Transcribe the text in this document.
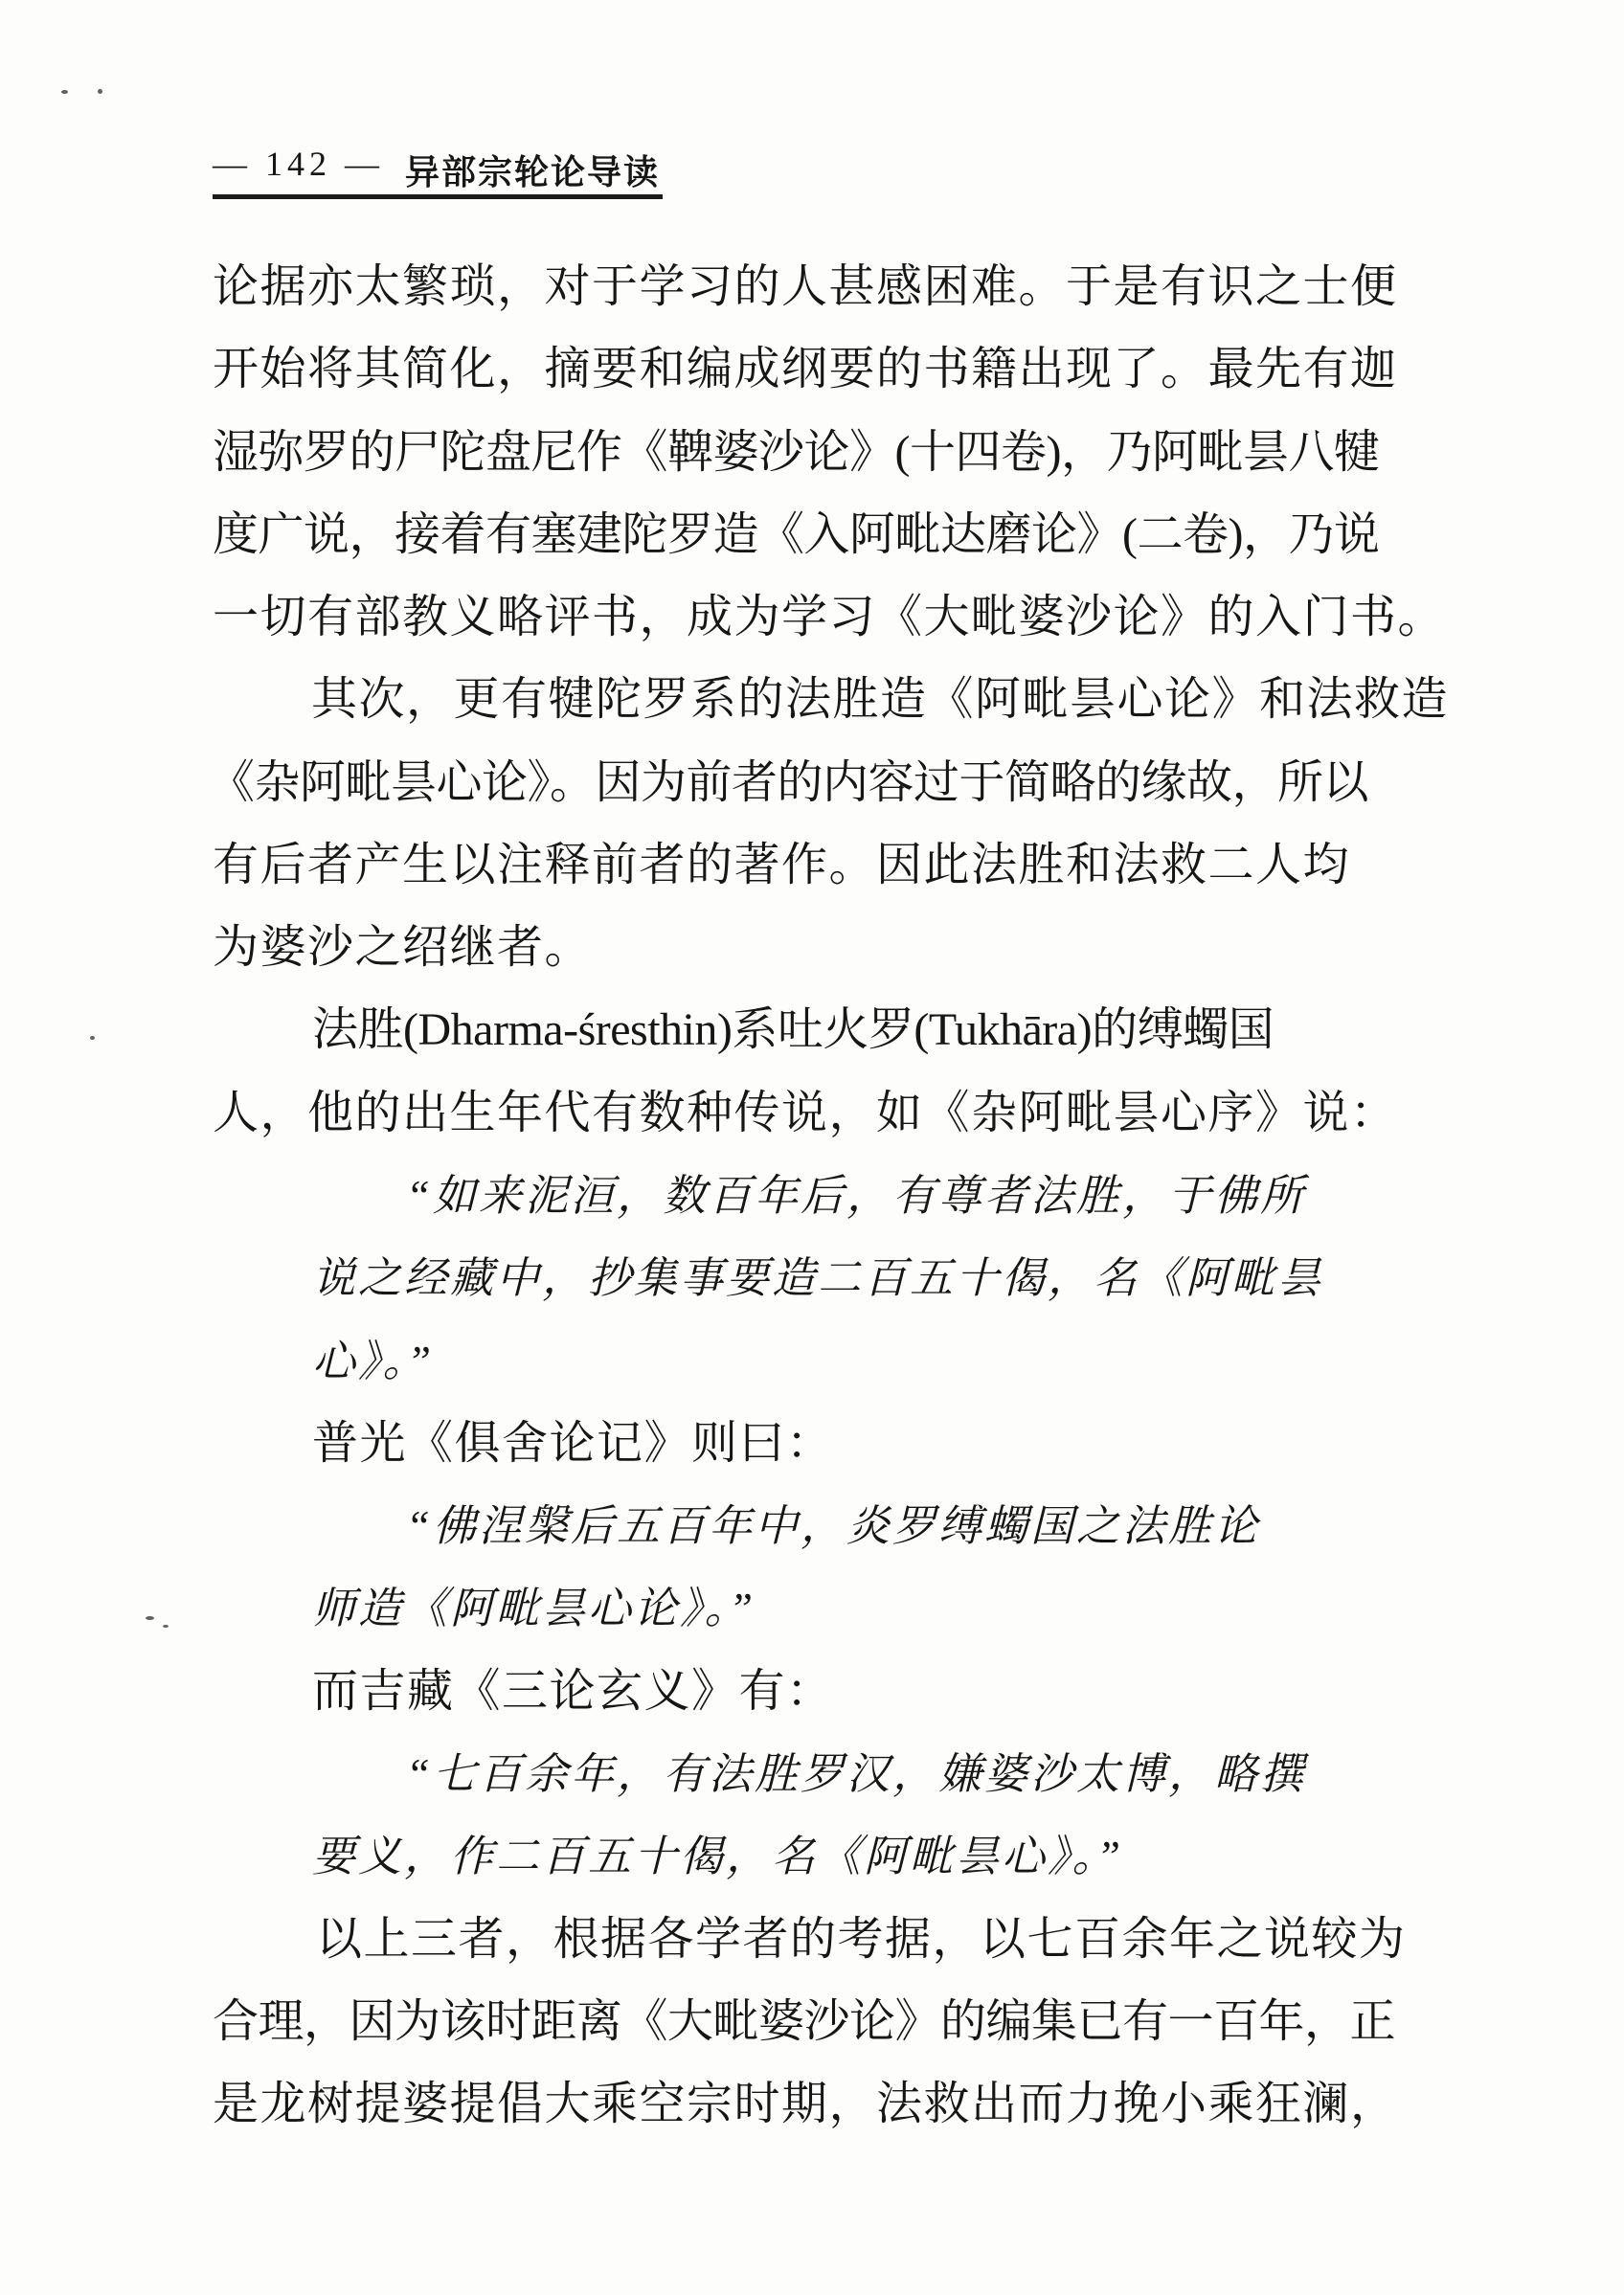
— 142 — 异部宗轮论导读
论据亦太繁琐，对于学习的人甚感困难。于是有识之士便
开始将其简化，摘要和编成纲要的书籍出现了。最先有迦
湿弥罗的尸陀盘尼作《鞞婆沙论》(十四卷)，乃阿毗昙八犍
度广说，接着有塞建陀罗造《入阿毗达磨论》(二卷)，乃说
一切有部教义略评书，成为学习《大毗婆沙论》的入门书。
其次，更有犍陀罗系的法胜造《阿毗昙心论》和法救造
《杂阿毗昙心论》。因为前者的内容过于简略的缘故，所以
有后者产生以注释前者的著作。因此法胜和法救二人均
为婆沙之绍继者。
法胜(Dharma-śresthin)系吐火罗(Tukhāra)的缚蠋国
人，他的出生年代有数种传说，如《杂阿毗昙心序》说：
“如来泥洹，数百年后，有尊者法胜，于佛所
说之经藏中，抄集事要造二百五十偈，名《阿毗昙
心》。”
普光《俱舍论记》则曰：
“佛涅槃后五百年中，炎罗缚蠋国之法胜论
师造《阿毗昙心论》。”
而吉藏《三论玄义》有：
“七百余年，有法胜罗汉，嫌婆沙太博，略撰
要义，作二百五十偈，名《阿毗昙心》。”
以上三者，根据各学者的考据，以七百余年之说较为
合理，因为该时距离《大毗婆沙论》的编集已有一百年，正
是龙树提婆提倡大乘空宗时期，法救出而力挽小乘狂澜，
